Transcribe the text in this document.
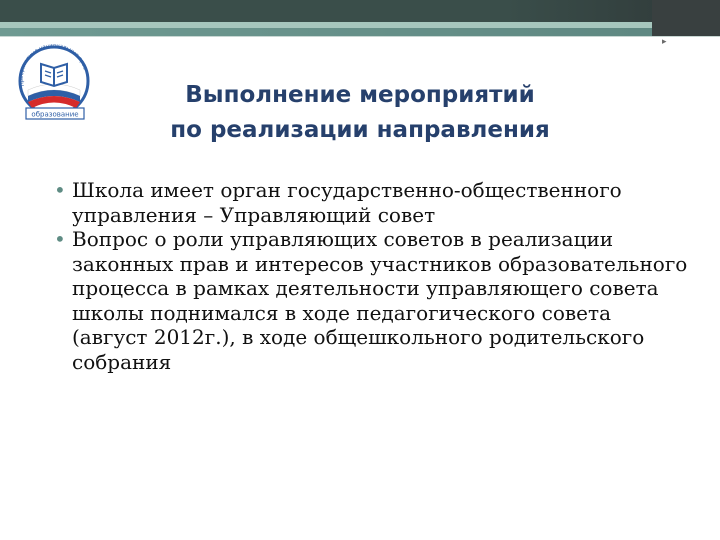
▸
Приоритетные национальные прое
образование
Выполнение мероприятий
по реализации направления
• Школа имеет орган государственно-общественного управления – Управляющий совет
• Вопрос о роли управляющих советов в реализации законных прав и интересов участников образовательного процесса в рамках деятельности управляющего совета школы поднимался в ходе педагогического совета (август 2012г.), в ходе общешкольного родительского собрания
